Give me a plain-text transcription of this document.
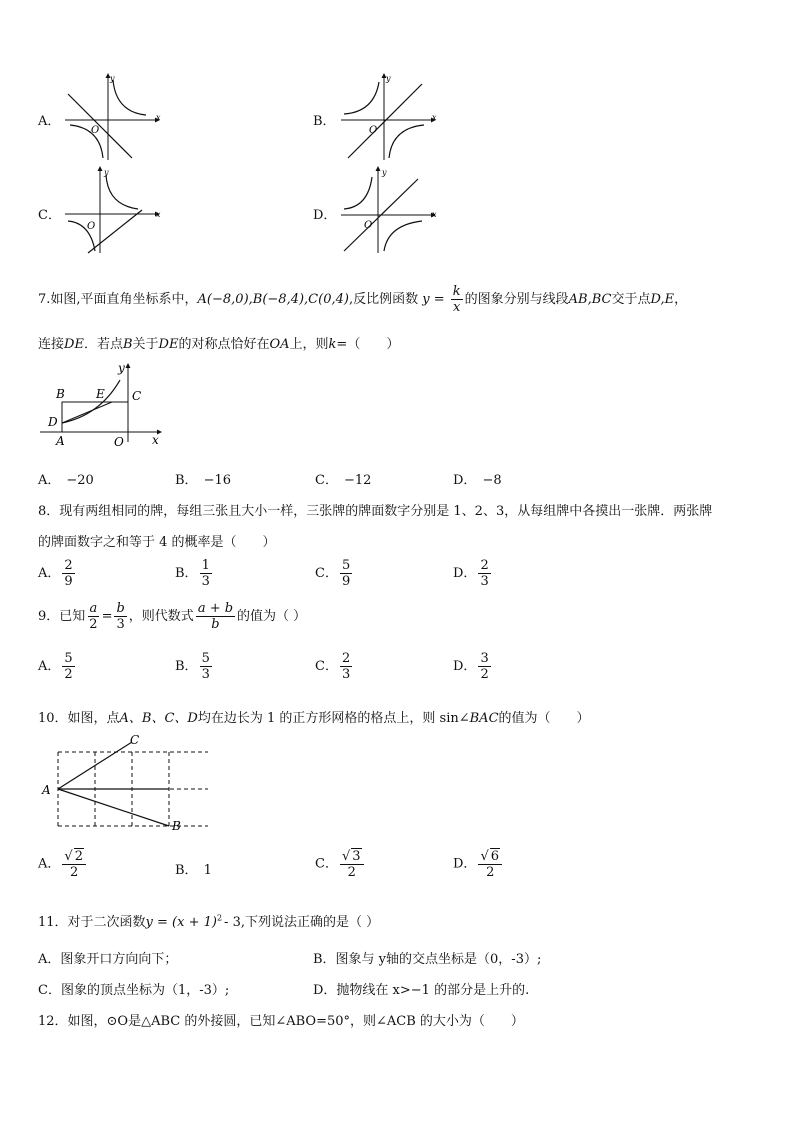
A．	x
y
O
B．	x
y
O
C．	x
y
O
D．	x
y
O
7.如图,平面直角坐标系中，A(−8,0),B(−8,4),C(0,4),反比例函数 $y = \frac{k}{x}$ 的图象分别与线段AB,BC交于点D,E，
连接DE．若点B关于DE的对称点恰好在OA上，则k=（　　）
B	E C
D
A	O x
y
A． −20	B． −16	C． −12	D． −8
8．现有两组相同的牌，每组三张且大小一样，三张牌的牌面数字分别是 1、2、3，从每组牌中各摸出一张牌．两张牌
的牌面数字之和等于 4 的概率是（　　）
A． $\frac{2}{9}$	B． $\frac{1}{3}$	C． $\frac{5}{9}$	D． $\frac{2}{3}$
9．已知 $\frac{a}{2} = \frac{b}{3}$ ，则代数式 $\frac{a + b}{b}$ 的值为（ ）
A． $\frac{5}{2}$	B． $\frac{5}{3}$	C． $\frac{2}{3}$	D． $\frac{3}{2}$
10．如图，点A、B、C、D均在边长为 1 的正方形网格的格点上，则 sin∠BAC的值为（　　）
A
B
C
A． $\frac{√ 2}{2}$	B． 1	C． $\frac{√ 3}{2}$	D． $\frac{√ 6}{2}$
11．对于二次函数$y = (x + 1)^2 - 3$,下列说法正确的是（ ）
A．图象开口方向向下；	B．图象与 y轴的交点坐标是（0，-3）;
C．图象的顶点坐标为（1，-3）;	D．抛物线在 x>−1 的部分是上升的.
12．如图，⊙O是△ABC 的外接圆，已知∠ABO=50°，则∠ACB 的大小为（　　）
